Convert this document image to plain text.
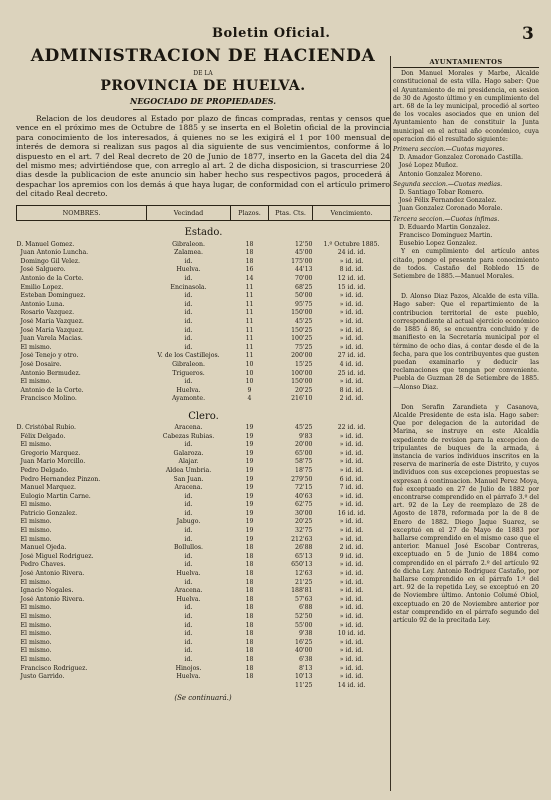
Boletin Oficial.	3
ADMINISTRACION DE HACIENDA
DE LA
PROVINCIA DE HUELVA.
NEGOCIADO DE PROPIEDADES.
Relacion de los deudores al Estado por plazo de fincas compradas, rentas y censos que vence en el próximo mes de Octubre de 1885 y se inserta en el Boletin oficial de la provincia para conocimiento de los interesados, á quienes no se les exigirá el 1 por 100 mensual de interés de demora si realizan sus pagos al dia siguiente de sus vencimientos, conforme á lo dispuesto en el art. 7 del Real decreto de 20 de Junio de 1877, inserto en la Gaceta del dia 24 del mismo mes; advirtiéndose que, con arreglo al art. 2 de dicha disposicion, si trascurriese 20 dias desde la publicacion de este anuncio sin haber hecho sus respectivos pagos, procederá á despachar los apremios con los demás á que haya lugar, de conformidad con el artículo primero del citado Real decreto.
NOMBRES.	Vecindad	Plazos.	Ptas. Cts.	Vencimiento.
Estado.				
D. Manuel Gomez.	Gibraleon.	18	12'50	1.º Octubre 1885.
Juan Antonio Luncha.	Zalamea.	18	45'00	24 id. id.
Domingo Gil Velez.	id.	18	175'00	» id. id.
José Salguero.	Huelva.	16	44'13	8 id. id.
Antonio de la Corte.	id.	14	70'00	12 id. id.
Emilio Lopez.	Encinasola.	11	68'25	15 id. id.
Esteban Dominguez.	id.	11	50'00	» id. id.
Antonio Luna.	id.	11	95'75	» id. id.
Rosario Vazquez.	id.	11	150'00	» id. id.
José María Vazquez.	id.	11	45'25	» id. id.
José María Vazquez.	id.	11	150'25	» id. id.
Juan Varela Macias.	id.	11	100'25	» id. id.
El mismo.	id.	11	75'25	» id. id.
José Tenejo y otro.	V. de los Castillejos.	11	200'00	27 id. id.
José Dosaire.	Gibraleon.	10	15'25	4 id. id.
Antonio Bermudez.	Trigueros.	10	100'00	25 id. id.
El mismo.	id.	10	150'00	» id. id.
Antonio de la Corte.	Huelva.	9	20'25	8 id. id.
Francisco Molino.	Ayamonte.	4	216'10	2 id. id.
Clero.				
D. Cristóbal Rubio.	Aracena.	19	45'25	22 id. id.
Félix Delgado.	Cabezas Rubias.	19	9'83	» id. id.
El mismo.	id.	19	20'00	» id. id.
Gregorio Marquez.	Galaroza.	19	65'00	» id. id.
Juan Mario Morcillo.	Alajar.	19	58'75	» id. id.
Pedro Delgado.	Aldea Umbria.	19	18'75	» id. id.
Pedro Hernandez Pinzon.	San Juan.	19	279'50	6 id. id.
Manuel Marquez.	Aracena.	19	72'15	7 id. id.
Eulogio Martin Carne.	id.	19	40'63	» id. id.
El mismo.	id.	19	62'75	» id. id.
Patricio Gonzalez.	id.	19	30'00	16 id. id.
El mismo.	Jabugo.	19	20'25	» id. id.
El mismo.	id.	19	32'75	» id. id.
El mismo.	id.	19	212'63	» id. id.
Manuel Ojeda.	Bollullos.	18	26'88	2 id. id.
José Miguel Rodriguez.	id.	18	65'13	9 id. id.
Pedro Chaves.	id.	18	650'13	» id. id.
José Antonio Rivera.	Huelva.	18	12'63	» id. id.
El mismo.	id.	18	21'25	» id. id.
Ignacio Nogales.	Aracena.	18	188'81	» id. id.
José Antonio Rivera.	Huelva.	18	57'63	» id. id.
El mismo.	id.	18	6'88	» id. id.
El mismo.	id.	18	52'50	» id. id.
El mismo.	id.	18	55'00	» id. id.
El mismo.	id.	18	9'38	10 id. id.
El mismo.	id.	18	16'25	» id. id.
El mismo.	id.	18	40'00	» id. id.
El mismo.	id.	18	6'38	» id. id.
Francisco Rodriguez.	Hinojos.	18	8'13	» id. id.
Justo Garrido.	Huelva.	18	10'13	» id. id.
			11'25	14 id. id.
(Se continuará.)
AYUNTAMIENTOS

Don Manuel Morales y Marbe, Alcalde constitucional de esta villa. Hago saber: Que el Ayuntamiento de mi presidencia, en sesion de 30 de Agosto último y en cumplimiento del art. 68 de la ley municipal, procedió al sorteo de los vocales asociados que en union del Ayuntamiento han de constituir la Junta municipal en el actual año económico, cuya operacion dió el resultado siguiente:

Primera seccion.—Cuotas mayores.
D. Amador Gonzalez Coronado Castilla.
José Lopez Muñoz.
Antonio Gonzalez Moreno.
Segunda seccion.—Cuotas medias.
D. Santiago Tobar Romero.
José Félix Fernandez Gonzalez.
Juan Gonzalez Coronado Morale.
Tercera seccion.—Cuotas ínfimas.
D. Eduardo Martin Gonzalez.
Francisco Dominguez Martin.
Eusebio Lopez Gonzalez.

Y en cumplimiento del artículo antes citado, pongo el presente para conocimiento de todos. Castaño del Robledo 15 de Setiembre de 1885.—Manuel Morales.

D. Alonso Diaz Pazos, Alcalde de esta villa. Hago saber: Que el repartimiento de la contribucion territorial de este pueblo, correspondiente al actual ejercicio económico de 1885 á 86, se encuentra concluido y de manifiesto en la Secretaría municipal por el término de ocho dias, á contar desde el de la fecha, para que los contribuyentes que gusten puedan examinarlo y deducir las reclamaciones que tengan por conveniente. Puebla de Guzman 28 de Setiembre de 1885.—Alonso Diaz.

Don Serafin Zarandieta y Casanova, Alcalde Presidente de esta isla. Hago saber: Que por delegacion de la autoridad de Marina, se instruye en este Alcaldía expediente de revision para la excepcion de tripulantes de buques de la armada, á instancia de varios individuos inscritos en la reserva de marinería de este Distrito, y cuyos individuos con sus excepciones propuestas se expresan á continuacion. Manuel Perez Moya, fué exceptuado en 27 de Julio de 1882 por encontrarse comprendido en el párrafo 3.º del art. 92 de la Ley de reemplazo de 28 de Agosto de 1878, reformada por la de 8 de Enero de 1882. Diego Jaque Suarez, se exceptuó en el 27 de Mayo de 1883 por hallarse comprendido en el mismo caso que el anterior. Manuel José Escobar Contreras, exceptuado en 5 de Junio de 1884 como comprendido en el párrafo 2.º del artículo 92 de dicha Ley. Antonio Rodriguez Castaño, por hallarse comprendido en el párrafo 1.º del art. 92 de la repetida Ley, se exceptuó en 20 de Noviembre último. Antonio Columé Obiol, exceptuado en 20 de Noviembre anterior por estar comprendido en el párrafo segundo del artículo 92 de la precitada Ley.
